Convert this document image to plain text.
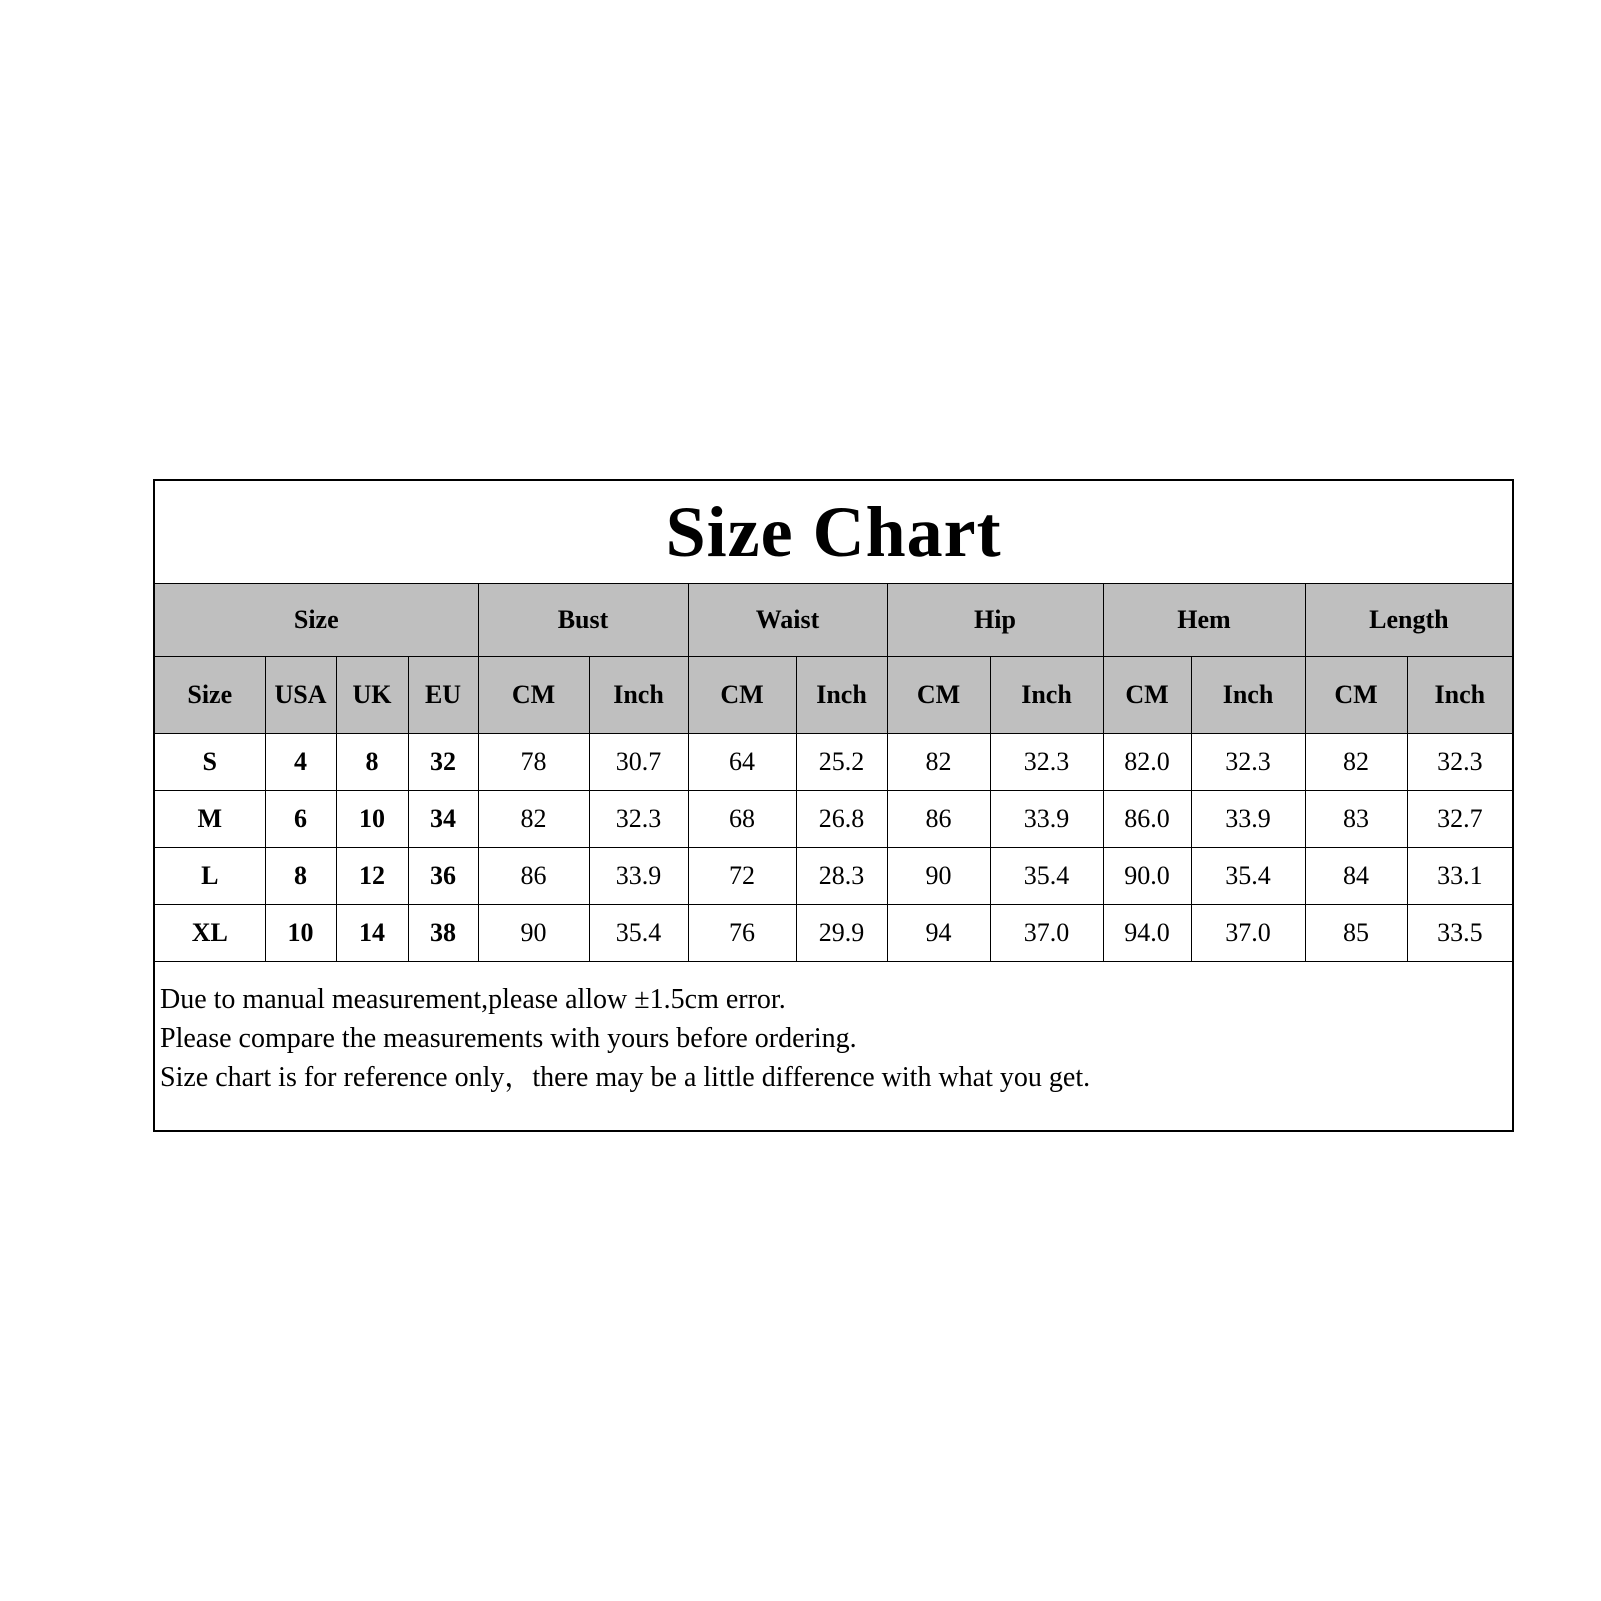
Size Chart													
Size				Bust		Waist		Hip		Hem		Length	
Size	USA	UK	EU	CM	Inch	CM	Inch	CM	Inch	CM	Inch	CM	Inch
S	4	8	32	78	30.7	64	25.2	82	32.3	82.0	32.3	82	32.3
M	6	10	34	82	32.3	68	26.8	86	33.9	86.0	33.9	83	32.7
L	8	12	36	86	33.9	72	28.3	90	35.4	90.0	35.4	84	33.1
XL	10	14	38	90	35.4	76	29.9	94	37.0	94.0	37.0	85	33.5

Due to manual measurement,please allow ±1.5cm error.
Please compare the measurements with yours before ordering.
Size chart is for reference only，there may be a little difference with what you get.													
